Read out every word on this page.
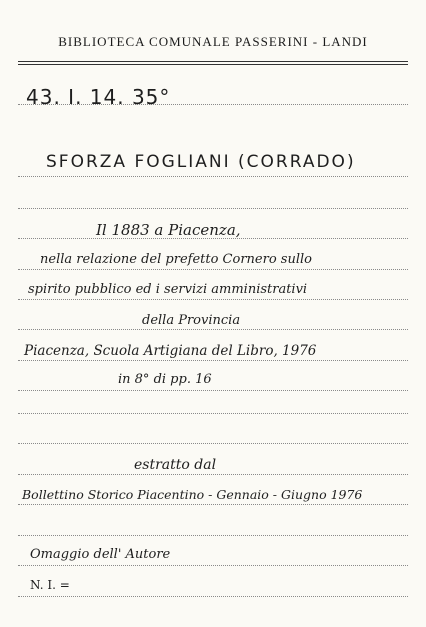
BIBLIOTECA COMUNALE PASSERINI - LANDI
43. I. 14. 35°
SFORZA FOGLIANI (CORRADO)
Il 1883 a Piacenza,
nella relazione del prefetto Cornero sullo
spirito pubblico ed i servizi amministrativi
della Provincia
Piacenza, Scuola Artigiana del Libro, 1976
in 8° di pp. 16
estratto dal
Bollettino Storico Piacentino - Gennaio - Giugno 1976
Omaggio dell' Autore
N. I. =
